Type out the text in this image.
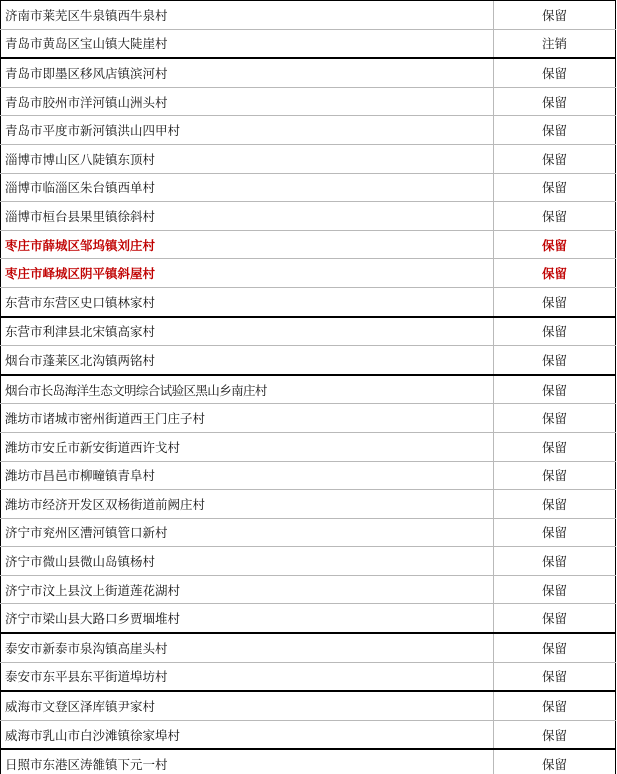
济南市莱芜区牛泉镇西牛泉村	保留
青岛市黄岛区宝山镇大陡崖村	注销
青岛市即墨区移风店镇滨河村	保留
青岛市胶州市洋河镇山洲头村	保留
青岛市平度市新河镇洪山四甲村	保留
淄博市博山区八陡镇东顶村	保留
淄博市临淄区朱台镇西单村	保留
淄博市桓台县果里镇徐斜村	保留
枣庄市薛城区邹坞镇刘庄村	保留
枣庄市峄城区阴平镇斜屋村	保留
东营市东营区史口镇林家村	保留
东营市利津县北宋镇高家村	保留
烟台市蓬莱区北沟镇两铭村	保留
烟台市长岛海洋生态文明综合试验区黑山乡南庄村	保留
潍坊市诸城市密州街道西王门庄子村	保留
潍坊市安丘市新安街道西许戈村	保留
潍坊市昌邑市柳疃镇青阜村	保留
潍坊市经济开发区双杨街道前阙庄村	保留
济宁市兖州区漕河镇管口新村	保留
济宁市微山县微山岛镇杨村	保留
济宁市汶上县汶上街道莲花湖村	保留
济宁市梁山县大路口乡贾堌堆村	保留
泰安市新泰市泉沟镇高崖头村	保留
泰安市东平县东平街道埠坊村	保留
威海市文登区泽库镇尹家村	保留
威海市乳山市白沙滩镇徐家埠村	保留
日照市东港区涛雒镇下元一村	保留
